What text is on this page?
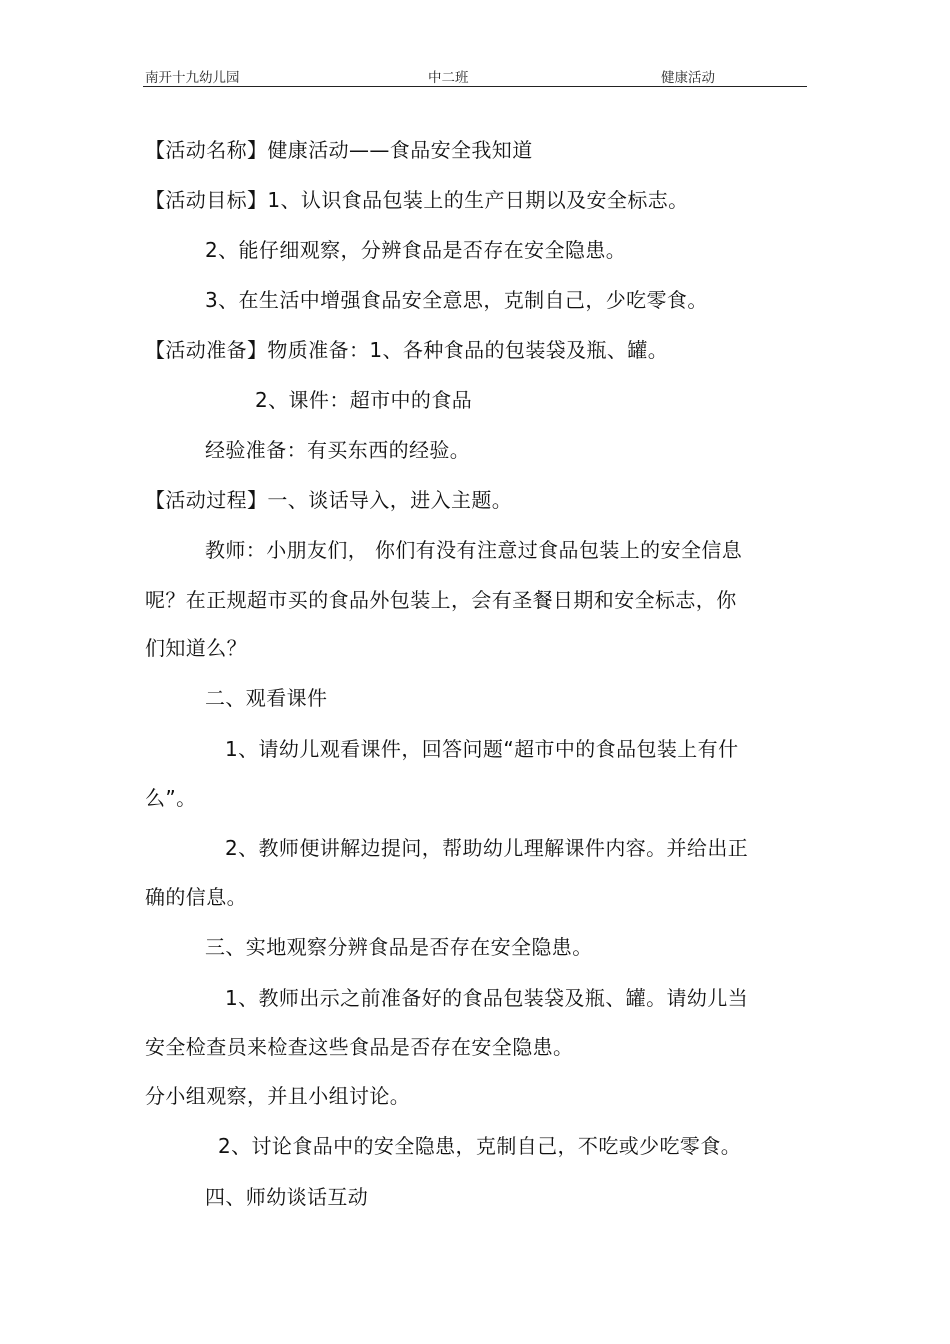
南开十九幼儿园	中二班	健康活动
【活动名称】健康活动——食品安全我知道
【活动目标】1、认识食品包装上的生产日期以及安全标志。
2、能仔细观察，分辨食品是否存在安全隐患。
3、在生活中增强食品安全意思，克制自己，少吃零食。
【活动准备】物质准备：1、各种食品的包装袋及瓶、罐。
2、课件：超市中的食品
经验准备：有买东西的经验。
【活动过程】一、谈话导入，进入主题。
教师：小朋友们， 你们有没有注意过食品包装上的安全信息
呢？在正规超市买的食品外包装上，会有圣餐日期和安全标志，你
们知道么？
二、观看课件
1、请幼儿观看课件，回答问题“超市中的食品包装上有什
么”。
2、教师便讲解边提问，帮助幼儿理解课件内容。并给出正
确的信息。
三、实地观察分辨食品是否存在安全隐患。
1、教师出示之前准备好的食品包装袋及瓶、罐。请幼儿当
安全检查员来检查这些食品是否存在安全隐患。
分小组观察，并且小组讨论。
2、讨论食品中的安全隐患，克制自己，不吃或少吃零食。
四、师幼谈话互动
